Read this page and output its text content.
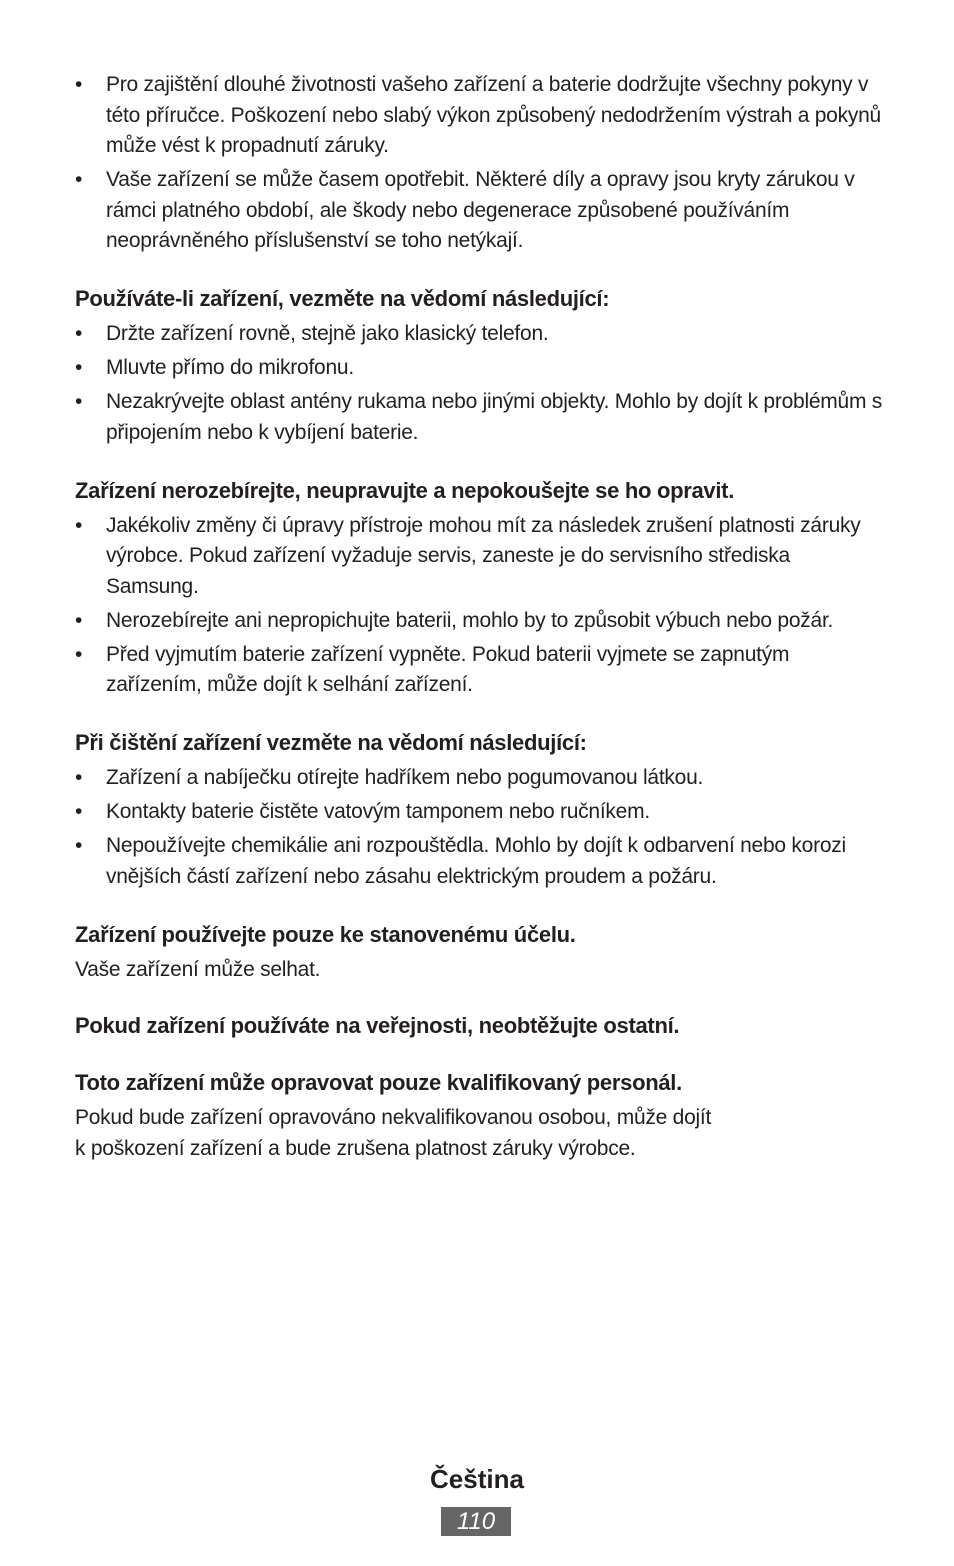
• Pro zajištění dlouhé životnosti vašeho zařízení a baterie dodržujte všechny pokyny v této příručce. Poškození nebo slabý výkon způsobený nedodržením výstrah a pokynů může vést k propadnutí záruky.
• Vaše zařízení se může časem opotřebit. Některé díly a opravy jsou kryty zárukou v rámci platného období, ale škody nebo degenerace způsobené používáním neoprávněného příslušenství se toho netýkají.
Používáte-li zařízení, vezměte na vědomí následující:
• Držte zařízení rovně, stejně jako klasický telefon.
• Mluvte přímo do mikrofonu.
• Nezakrývejte oblast antény rukama nebo jinými objekty. Mohlo by dojít k problémům s připojením nebo k vybíjení baterie.
Zařízení nerozebírejte, neupravujte a nepokoušejte se ho opravit.
• Jakékoliv změny či úpravy přístroje mohou mít za následek zrušení platnosti záruky výrobce. Pokud zařízení vyžaduje servis, zaneste je do servisního střediska Samsung.
• Nerozebírejte ani nepropichujte baterii, mohlo by to způsobit výbuch nebo požár.
• Před vyjmutím baterie zařízení vypněte. Pokud baterii vyjmete se zapnutým zařízením, může dojít k selhání zařízení.
Při čištění zařízení vezměte na vědomí následující:
• Zařízení a nabíječku otírejte hadříkem nebo pogumovanou látkou.
• Kontakty baterie čistěte vatovým tamponem nebo ručníkem.
• Nepoužívejte chemikálie ani rozpouštědla. Mohlo by dojít k odbarvení nebo korozi vnějších částí zařízení nebo zásahu elektrickým proudem a požáru.
Zařízení používejte pouze ke stanovenému účelu.

Vaše zařízení může selhat.

Pokud zařízení používáte na veřejnosti, neobtěžujte ostatní.
Toto zařízení může opravovat pouze kvalifikovaný personál.

Pokud bude zařízení opravováno nekvalifikovanou osobou, může dojít
k poškození zařízení a bude zrušena platnost záruky výrobce.

Čeština
110
